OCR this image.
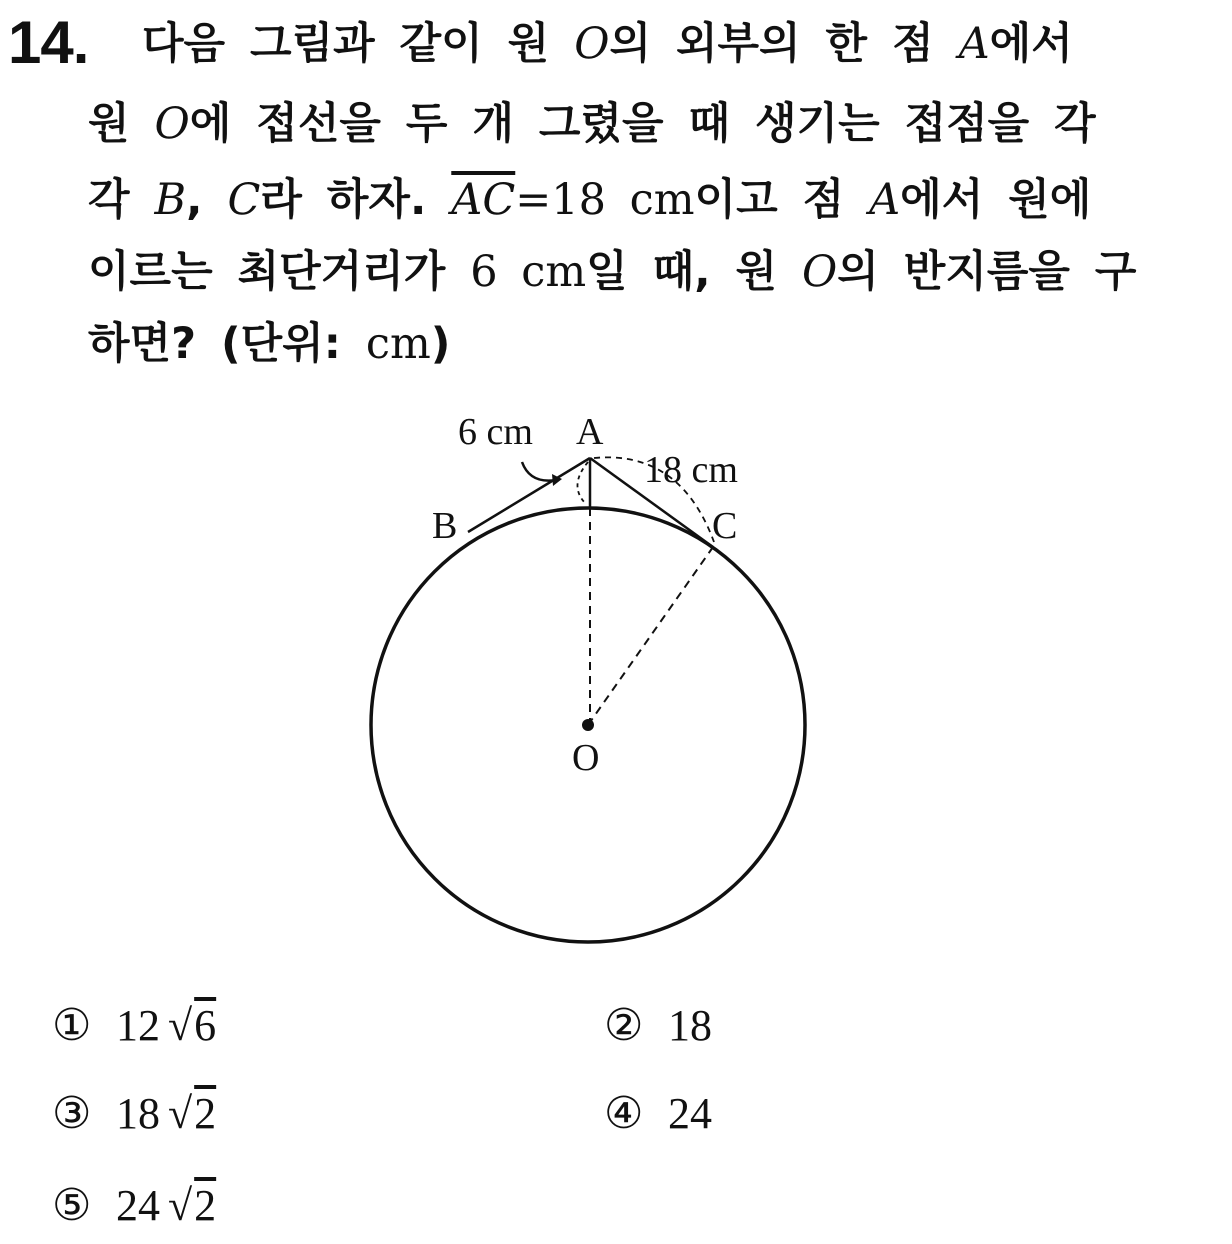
14. 다음 그림과 같이 원 O의 외부의 한 점 A에서
원 O에 접선을 두 개 그렸을 때 생기는 접점을 각
각 B, C라 하자. $\overline{AC}=18$ cm이고 점 A에서 원에
이르는 최단거리가 6 cm일 때, 원 O의 반지름을 구
하면? (단위: cm)
6 cm A
18 cm
B	C
O
① 12 √6	② 18
③ 18 √2	④ 24
⑤ 24 √2
